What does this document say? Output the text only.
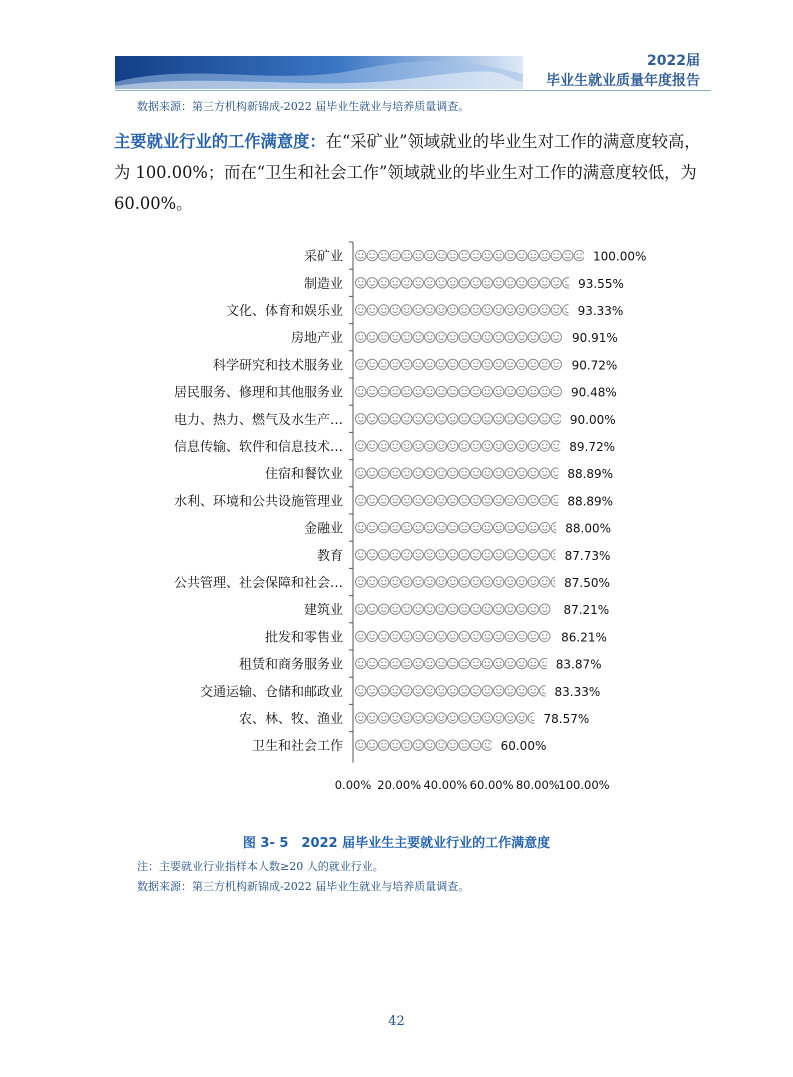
2022届
毕业生就业质量年度报告
数据来源：第三方机构新锦成-2022 届毕业生就业与培养质量调查。
主要就业行业的工作满意度：在“采矿业”领域就业的毕业生对工作的满意度较高，为 100.00%；而在“卫生和社会工作”领域就业的毕业生对工作的满意度较低，为 60.00%。
采矿业	100.00%
制造业	93.55%
文化、体育和娱乐业	93.33%
房地产业	90.91%
科学研究和技术服务业	90.72%
居民服务、修理和其他服务业	90.48%
电力、热力、燃气及水生产…	90.00%
信息传输、软件和信息技术…	89.72%
住宿和餐饮业	88.89%
水利、环境和公共设施管理业	88.89%
金融业	88.00%
教育	87.73%
公共管理、社会保障和社会…	87.50%
建筑业	87.21%
批发和零售业	86.21%
租赁和商务服务业	83.87%
交通运输、仓储和邮政业	83.33%
农、林、牧、渔业	78.57%
卫生和社会工作	60.00%
0.00% 20.00% 40.00% 60.00% 80.00%
100.00%
图 3- 5　2022 届毕业生主要就业行业的工作满意度
注：主要就业行业指样本人数≥20 人的就业行业。
数据来源：第三方机构新锦成-2022 届毕业生就业与培养质量调查。
42
